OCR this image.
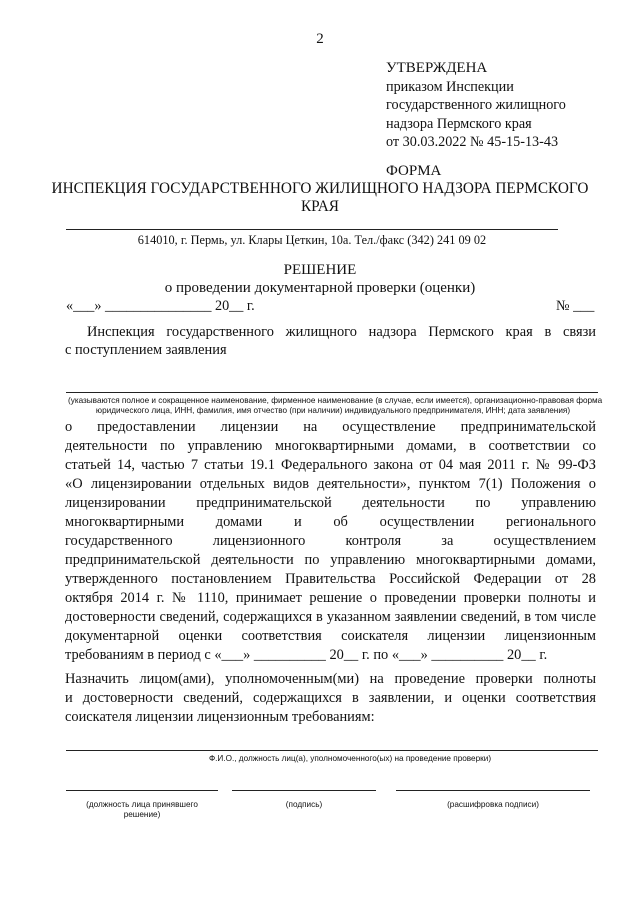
2
УТВЕРЖДЕНА
приказом Инспекции
государственного жилищного
надзора Пермского края
от 30.03.2022 № 45-15-13-43
ФОРМА
ИНСПЕКЦИЯ ГОСУДАРСТВЕННОГО ЖИЛИЩНОГО НАДЗОРА ПЕРМСКОГО
КРАЯ
614010, г. Пермь, ул. Клары Цеткин, 10а. Тел./факс (342) 241 09 02
РЕШЕНИЕ
о проведении документарной проверки (оценки)
«___» _______________ 20__ г.	№ ___
Инспекция государственного жилищного надзора Пермского края в связи
с поступлением заявления
(указываются полное и сокращенное наименование, фирменное наименование (в случае, если имеется), организационно-правовая форма
юридического лица, ИНН, фамилия, имя отчество (при наличии) индивидуального предпринимателя, ИНН; дата заявления)
о предоставлении лицензии на осуществление предпринимательской
деятельности по управлению многоквартирными домами, в соответствии со
статьей 14, частью 7 статьи 19.1 Федерального закона от 04 мая 2011 г. № 99-ФЗ
«О лицензировании отдельных видов деятельности», пунктом 7(1) Положения о
лицензировании предпринимательской деятельности по управлению
многоквартирными домами и об осуществлении регионального
государственного лицензионного контроля за осуществлением
предпринимательской деятельности по управлению многоквартирными домами,
утвержденного постановлением Правительства Российской Федерации от 28
октября 2014 г. № 1110, принимает решение о проведении проверки полноты и
достоверности сведений, содержащихся в указанном заявлении сведений, в том числе
документарной оценки соответствия соискателя лицензии лицензионным
требованиям в период с «___» __________ 20__ г. по «___» __________ 20__ г.
Назначить лицом(ами), уполномоченным(ми) на проведение проверки полноты
и достоверности сведений, содержащихся в заявлении, и оценки соответствия
соискателя лицензии лицензионным требованиям:
Ф.И.О., должность лиц(а), уполномоченного(ых) на проведение проверки)
(должность лица принявшего
решение)
(подпись)	(расшифровка подписи)
